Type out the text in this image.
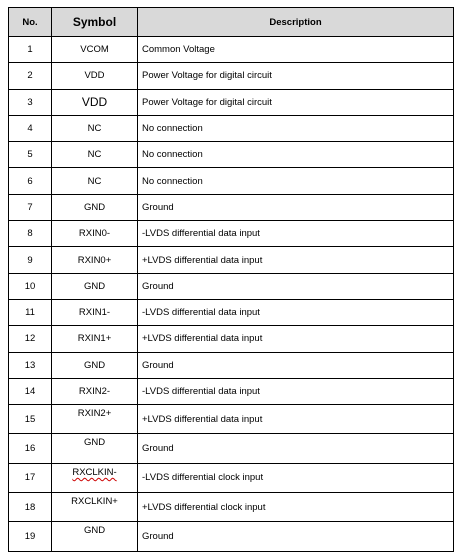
No.	Symbol	Description
1	VCOM	Common Voltage
2	VDD	Power Voltage for digital circuit
3	VDD	Power Voltage for digital circuit
4	NC	No connection
5	NC	No connection
6	NC	No connection
7	GND	Ground
8	RXIN0-	-LVDS differential data input
9	RXIN0+	+LVDS differential data input
10	GND	Ground
11	RXIN1-	-LVDS differential data input
12	RXIN1+	+LVDS differential data input
13	GND	Ground
14	RXIN2-	-LVDS differential data input
15	RXIN2+	+LVDS differential data input
16	GND	Ground
17	RXCLKIN-	-LVDS differential clock input
18	RXCLKIN+	+LVDS differential clock input
19	GND	Ground
